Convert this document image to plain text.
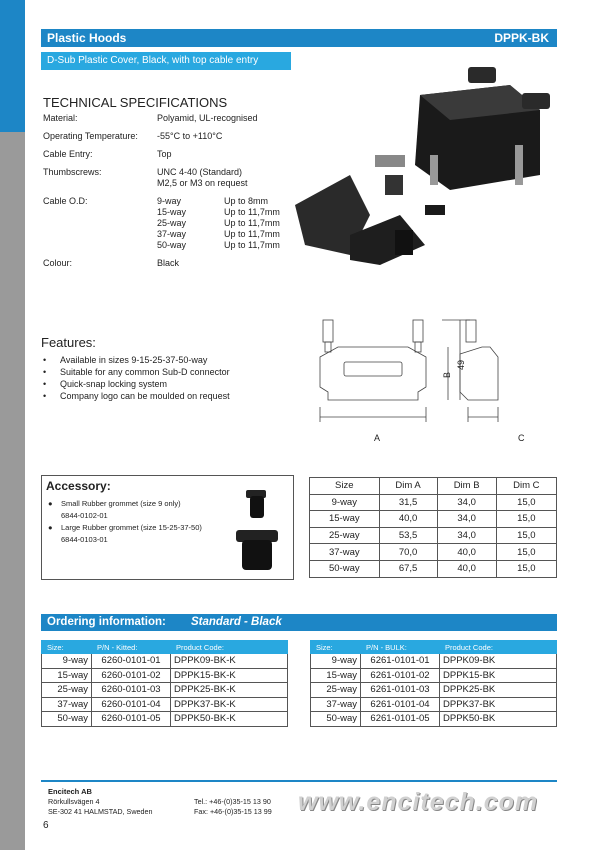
Plastic Hoods	DPPK-BK
D-Sub Plastic Cover, Black, with top cable entry
TECHNICAL SPECIFICATIONS
Material:	Polyamid, UL-recognised
Operating Temperature:	-55°C to +110°C
Cable Entry:	Top
Thumbscrews:	UNC 4-40 (Standard)
M2,5 or M3 on request
Cable O.D:	9-way	Up to 8mm
15-way	Up to 11,7mm
25-way	Up to 11,7mm
37-way	Up to 11,7mm
50-way	Up to 11,7mm
Colour:	Black
A
B
C
49
Features:
• Available in sizes 9-15-25-37-50-way
• Suitable for any common Sub-D connector
• Quick-snap locking system
• Company logo can be moulded on request
Accessory:
● Small Rubber grommet (size 9 only)
6844-0102-01
● Large Rubber grommet (size 15-25-37-50)
6844-0103-01
Size	Dim A	Dim B	Dim C
9-way	31,5	34,0	15,0
15-way	40,0	34,0	15,0
25-way	53,5	34,0	15,0
37-way	70,0	40,0	15,0
50-way	67,5	40,0	15,0
Ordering information: Standard - Black
Size:	P/N - Kitted:	Product Code:
9-way	6260-0101-01	DPPK09-BK-K
15-way	6260-0101-02	DPPK15-BK-K
25-way	6260-0101-03	DPPK25-BK-K
37-way	6260-0101-04	DPPK37-BK-K
50-way	6260-0101-05	DPPK50-BK-K
Size:	P/N - BULK:	Product Code:
9-way	6261-0101-01	DPPK09-BK
15-way	6261-0101-02	DPPK15-BK
25-way	6261-0101-03	DPPK25-BK
37-way	6261-0101-04	DPPK37-BK
50-way	6261-0101-05	DPPK50-BK
Encitech AB
Rörkullsvägen 4
SE-302 41 HALMSTAD, Sweden
Tel.: +46-(0)35-15 13 90
Fax: +46-(0)35-15 13 99 www.encitech.com
6
